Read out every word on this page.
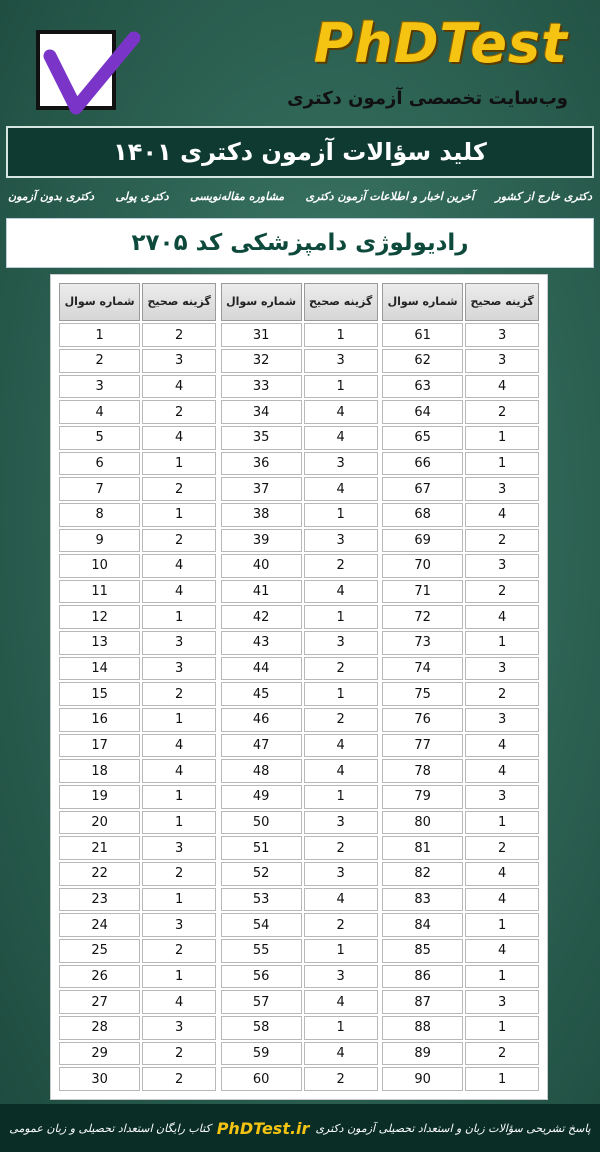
PhDTest
وب‌سایت تخصصی آزمون دکتری
کلید سؤالات آزمون دکتری ۱۴۰۱
دکتری بدون آزمون دکتری پولی مشاوره مقاله‌نویسی آخرین اخبار و اطلاعات آزمون دکتری دکتری خارج از کشور
رادیولوژی دامپزشکی کد ۲۷۰۵
شماره سوال	گزینه صحیح
1	2
2	3
3	4
4	2
5	4
6	1
7	2
8	1
9	2
10	4
11	4
12	1
13	3
14	3
15	2
16	1
17	4
18	4
19	1
20	1
21	3
22	2
23	1
24	3
25	2
26	1
27	4
28	3
29	2
30	2
شماره سوال	گزینه صحیح
31	1
32	3
33	1
34	4
35	4
36	3
37	4
38	1
39	3
40	2
41	4
42	1
43	3
44	2
45	1
46	2
47	4
48	4
49	1
50	3
51	2
52	3
53	4
54	2
55	1
56	3
57	4
58	1
59	4
60	2
شماره سوال	گزینه صحیح
61	3
62	3
63	4
64	2
65	1
66	1
67	3
68	4
69	2
70	3
71	2
72	4
73	1
74	3
75	2
76	3
77	4
78	4
79	3
80	1
81	2
82	4
83	4
84	1
85	4
86	1
87	3
88	1
89	2
90	1
پاسخ تشریحی سؤالات زبان و استعداد تحصیلی آزمون دکتری
PhDTest.ir
کتاب رایگان استعداد تحصیلی و زبان عمومی
